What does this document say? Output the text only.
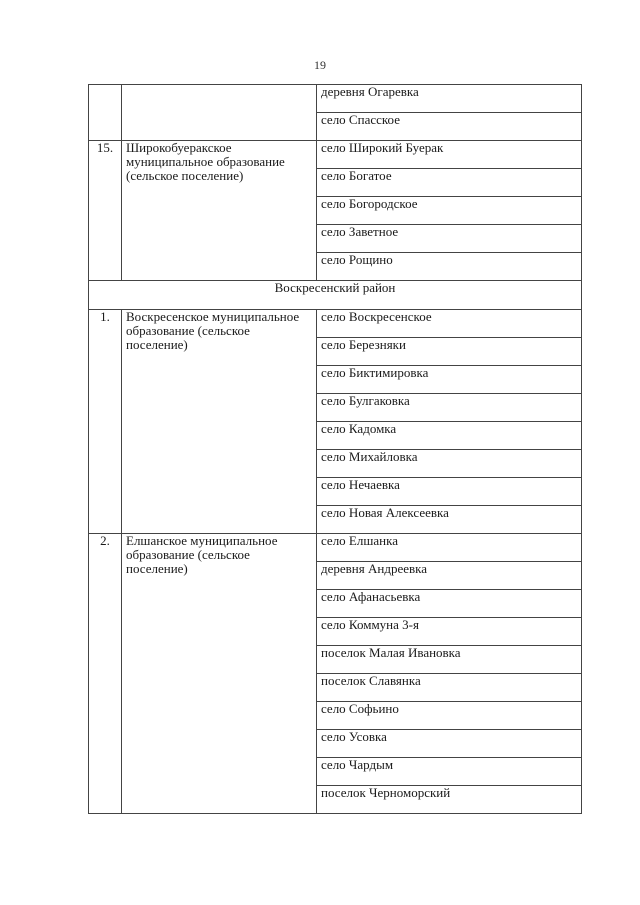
19
		деревня Огаревка
		село Спасское
15.	Широкобуеракское муниципальное образование (сельское поселение)	село Широкий Буерак
		село Богатое
		село Богородское
		село Заветное
		село Рощино
Воскресенский район		
1.	Воскресенское муниципальное образование (сельское поселение)	село Воскресенское
		село Березняки
		село Биктимировка
		село Булгаковка
		село Кадомка
		село Михайловка
		село Нечаевка
		село Новая Алексеевка
2.	Елшанское муниципальное образование (сельское поселение)	село Елшанка
		деревня Андреевка
		село Афанасьевка
		село Коммуна 3-я
		поселок Малая Ивановка
		поселок Славянка
		село Софьино
		село Усовка
		село Чардым
		поселок Черноморский
